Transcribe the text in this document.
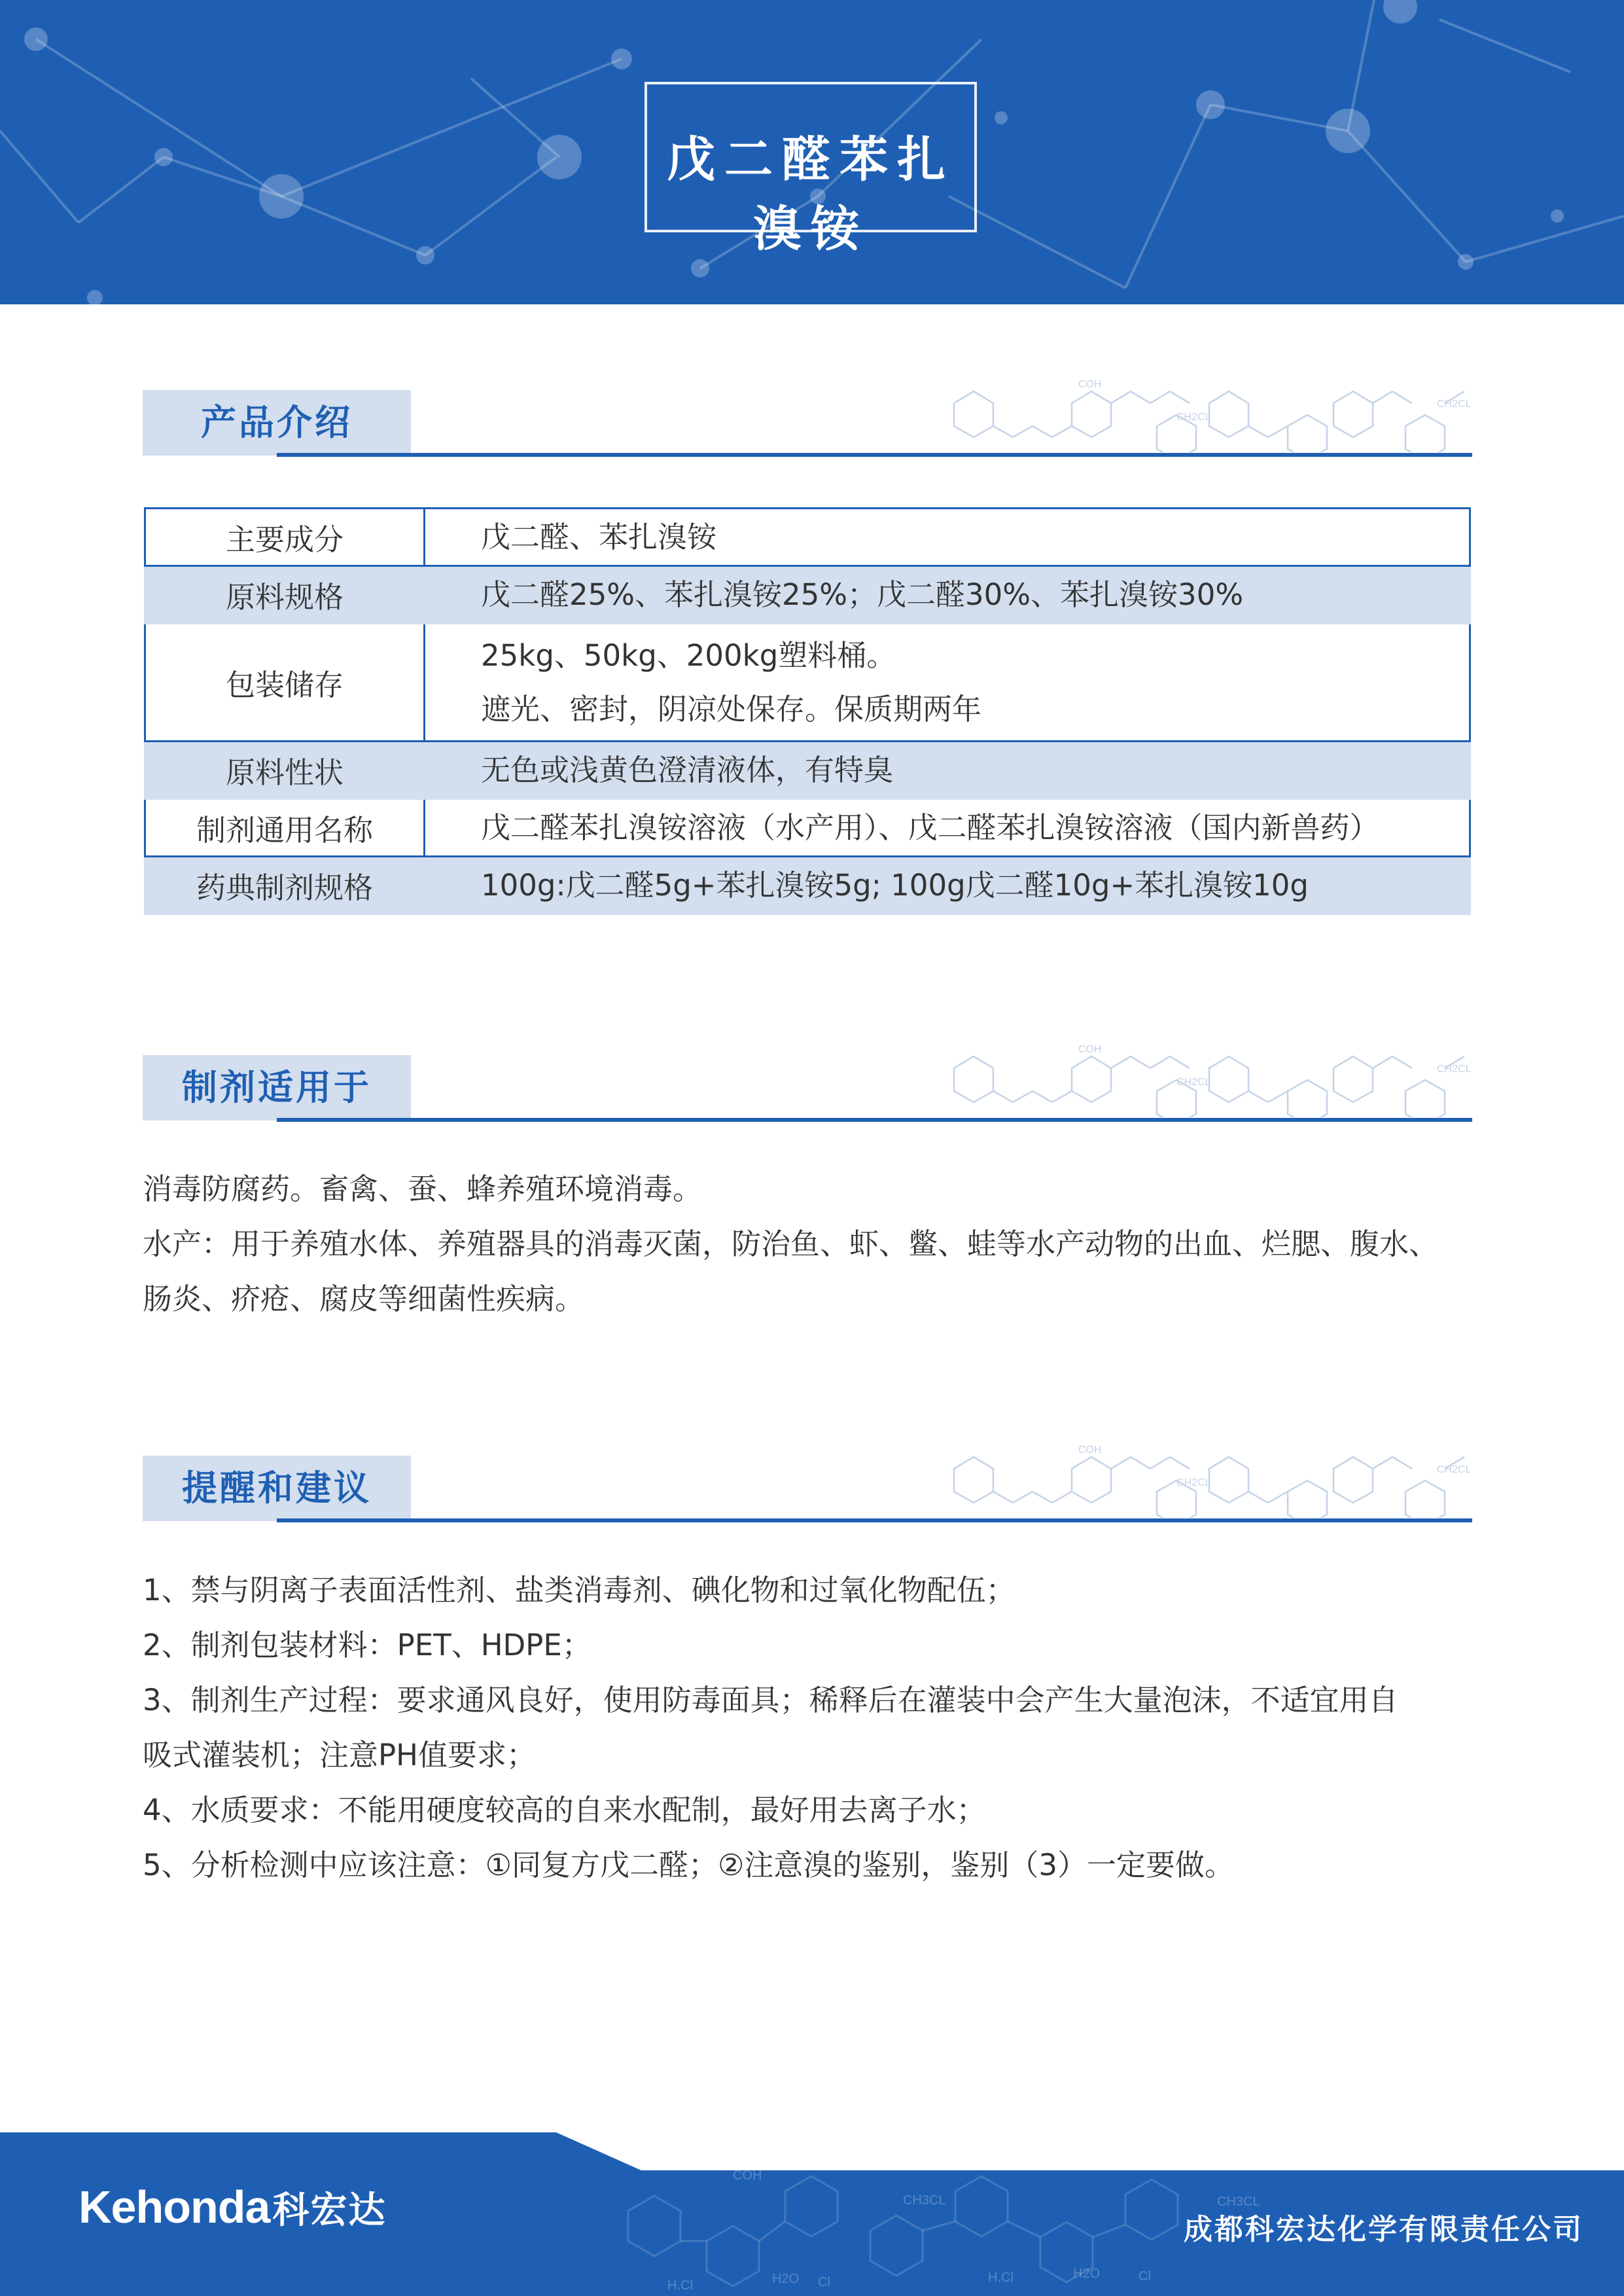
戊二醛苯扎溴铵
产品介绍
COH
CH2CL
CH2CL
主要成分	戊二醛、苯扎溴铵

原料规格	戊二醛25%、苯扎溴铵25%；戊二醛30%、苯扎溴铵30%

包装储存	25kg、50kg、200kg塑料桶。
遮光、密封，阴凉处保存。保质期两年

原料性状	无色或浅黄色澄清液体，有特臭

制剂通用名称	戊二醛苯扎溴铵溶液（水产用）、戊二醛苯扎溴铵溶液（国内新兽药）

药典制剂规格	100g:戊二醛5g+苯扎溴铵5g; 100g戊二醛10g+苯扎溴铵10g
制剂适用于
COH
CH2CL
CH2CL

消毒防腐药。畜禽、蚕、蜂养殖环境消毒。

水产：用于养殖水体、养殖器具的消毒灭菌，防治鱼、虾、鳖、蛙等水产动物的出血、烂腮、腹水、

肠炎、疥疮、腐皮等细菌性疾病。

提醒和建议
COH
CH2CL
CH2CL

1、禁与阴离子表面活性剂、盐类消毒剂、碘化物和过氧化物配伍；

2、制剂包装材料：PET、HDPE；

3、制剂生产过程：要求通风良好，使用防毒面具；稀释后在灌装中会产生大量泡沫，不适宜用自

吸式灌装机；注意PH值要求；

4、水质要求：不能用硬度较高的自来水配制，最好用去离子水；

5、分析检测中应该注意：①同复方戊二醛；②注意溴的鉴别，鉴别（3）一定要做。

COH
CH3CL	CH3CL
H2O
H.Cl	Cl	H.Cl	H2O	Cl
Kehonda科宏达	成都科宏达化学有限责任公司
